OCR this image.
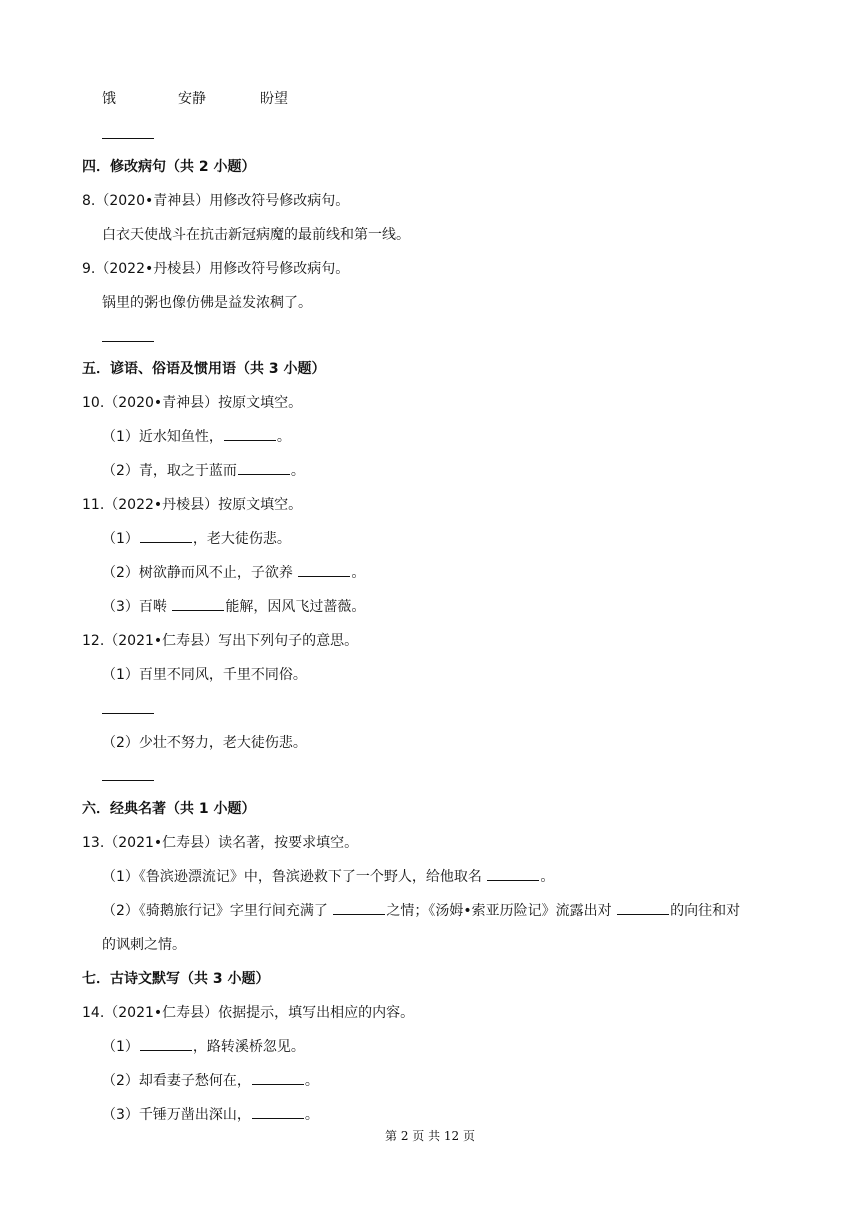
饿	安静	盼望
四．修改病句（共 2 小题）
8.（2020•青神县）用修改符号修改病句。
白衣天使战斗在抗击新冠病魔的最前线和第一线。
9.（2022•丹棱县）用修改符号修改病句。
锅里的粥也像仿佛是益发浓稠了。
五．谚语、俗语及惯用语（共 3 小题）
10.（2020•青神县）按原文填空。
（1）近水知鱼性，	。
（2）青，取之于蓝而	。
11.（2022•丹棱县）按原文填空。
（1）	，老大徒伤悲。
（2）树欲静而风不止，子欲养	。
（3）百啭	能解，因风飞过蔷薇。
12.（2021•仁寿县）写出下列句子的意思。
（1）百里不同风，千里不同俗。
（2）少壮不努力，老大徒伤悲。
六．经典名著（共 1 小题）
13.（2021•仁寿县）读名著，按要求填空。
（1）《鲁滨逊漂流记》中，鲁滨逊救下了一个野人，给他取名	。
（2）《骑鹅旅行记》字里行间充满了	之情；《汤姆•索亚历险记》流露出对	的向往和对
的讽刺之情。
七．古诗文默写（共 3 小题）
14.（2021•仁寿县）依据提示，填写出相应的内容。
（1）	，路转溪桥忽见。
（2）却看妻子愁何在，	。
（3）千锤万凿出深山，	。
第 2 页 共 12 页
